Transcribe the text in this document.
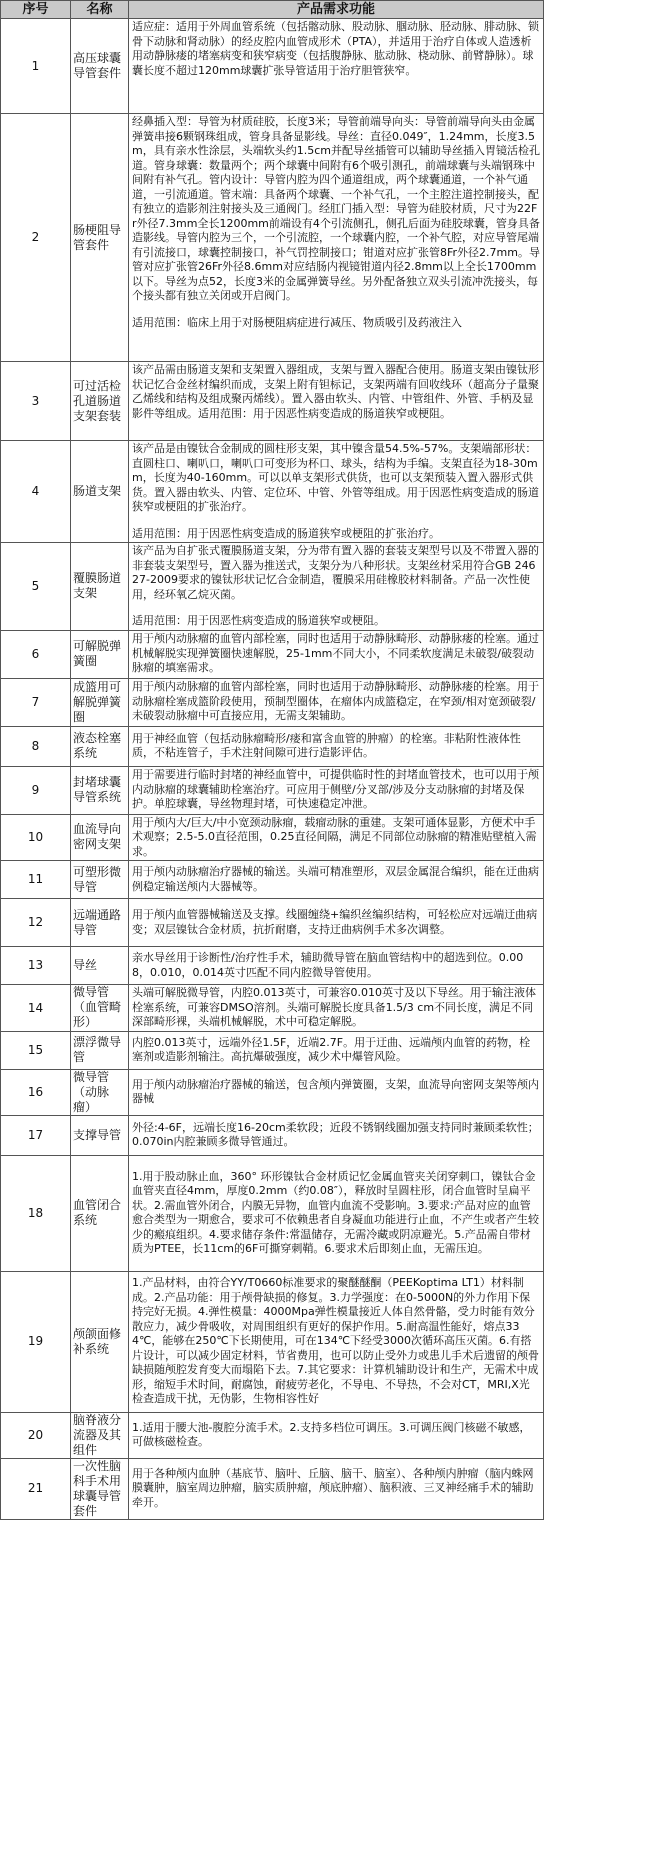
序号	名称	产品需求功能
1	高压球囊导管套件	适应症：适用于外周血管系统（包括髂动脉、股动脉、腘动脉、胫动脉、腓动脉、锁骨下动脉和肾动脉）的经皮腔内血管成形术（PTA），并适用于治疗自体或人造透析用动静脉瘘的堵塞病变和狭窄病变（包括腹静脉、肱动脉、桡动脉、前臂静脉）。球囊长度不超过120mm球囊扩张导管适用于治疗胆管狭窄。

2	肠梗阻导管套件	经鼻插入型：导管为材质硅胶，长度3米；导管前端导向头：导管前端导向头由金属弹簧串接6颗钢珠组成，管身具备显影线。导丝：直径0.049″，1.24mm，长度3.5m，具有亲水性涂层，头端软头约1.5cm并配导丝插管可以辅助导丝插入胃镜活检孔道。管身球囊：数量两个；两个球囊中间附有6个吸引测孔，前端球囊与头端钢珠中间附有补气孔。管内设计：导管内腔为四个通道组成，两个球囊通道，一个补气通道，一引流通道。管末端：具备两个球囊、一个补气孔，一个主腔注道控制接头，配有独立的造影剂注射接头及三通阀门。经肛门插入型：导管为硅胶材质，尺寸为22Fr外径7.3mm全长1200mm前端设有4个引流侧孔，侧孔后面为硅胶球囊，管身具备造影线。导管内腔为三个，一个引流腔，一个球囊内腔，一个补气腔，对应导管尾端有引流接口，球囊控制接口，补气罚控制接口；钳道对应扩张管8Fr外径2.7mm。导管对应扩张管26Fr外径8.6mm对应结肠内视镜钳道内径2.8mm以上全长1700mm以下。导丝为点52，长度3米的金属弹簧导丝。另外配备独立双头引流冲洗接头，每个接头都有独立关闭或开启阀门。
适用范围：临床上用于对肠梗阻病症进行减压、物质吸引及药液注入

3	可过活检孔道肠道支架套装	该产品需由肠道支架和支架置入器组成，支架与置入器配合使用。肠道支架由镍钛形状记忆合金丝材编织而成，支架上附有钽标记，支架两端有回收线环（超高分子量聚乙烯线和结构及组成聚丙烯线）。置入器由软头、内管、中管组件、外管、手柄及显影件等组成。适用范围：用于因恶性病变造成的肠道狭窄或梗阻。

4	肠道支架	该产品是由镍钛合金制成的圆柱形支架，其中镍含量54.5%-57%。支架端部形状：直圆柱口、喇叭口，喇叭口可变形为杯口、球头，结构为手编。支架直径为18-30mm，长度为40-160mm。可以以单支架形式供货，也可以支架预装入置入器形式供货。置入器由软头、内管、定位环、中管、外管等组成。用于因恶性病变造成的肠道狭窄或梗阻的扩张治疗。
适用范围：用于因恶性病变造成的肠道狭窄或梗阻的扩张治疗。

5	覆膜肠道支架	该产品为自扩张式覆膜肠道支架，分为带有置入器的套装支架型号以及不带置入器的非套装支架型号，置入器为推送式，支架分为八种形状。支架丝材采用符合GB 24627-2009要求的镍钛形状记忆合金制造，覆膜采用硅橡胶材料制备。产品一次性使用，经环氧乙烷灭菌。
适用范围：用于因恶性病变造成的肠道狭窄或梗阻。

6	可解脱弹簧圈	用于颅内动脉瘤的血管内部栓塞，同时也适用于动静脉畸形、动静脉瘘的栓塞。通过机械解脱实现弹簧圈快速解脱，25-1mm不同大小，不同柔软度满足未破裂/破裂动脉瘤的填塞需求。

7	成篮用可解脱弹簧圈	用于颅内动脉瘤的血管内部栓塞，同时也适用于动静脉畸形、动静脉瘘的栓塞。用于动脉瘤栓塞成篮阶段使用，预制型圈体，在瘤体内成篮稳定，在窄颈/相对宽颈破裂/未破裂动脉瘤中可直接应用，无需支架辅助。

8	液态栓塞系统	用于神经血管（包括动脉瘤畸形/瘘和富含血管的肿瘤）的栓塞。非粘附性液体性质，不粘连管子，手术注射间隙可进行造影评估。

9	封堵球囊导管系统	用于需要进行临时封堵的神经血管中，可提供临时性的封堵血管技术，也可以用于颅内动脉瘤的球囊辅助栓塞治疗。可应用于侧壁/分叉部/涉及分支动脉瘤的封堵及保护。单腔球囊，导丝物理封堵，可快速稳定冲泄。

10	血流导向密网支架	用于颅内大/巨大/中小宽颈动脉瘤，载瘤动脉的重建。支架可通体显影，方便术中手术观察；2.5-5.0直径范围，0.25直径间隔，满足不同部位动脉瘤的精准贴壁植入需求。

11	可塑形微导管	用于颅内动脉瘤治疗器械的输送。头端可精准塑形，双层金属混合编织，能在迂曲病例稳定输送颅内大器械等。

12	远端通路导管	用于颅内血管器械输送及支撑。线圈缠绕+编织丝编织结构，可轻松应对远端迂曲病变；双层镍钛合金材质，抗折耐磨，支持迂曲病例手术多次调整。

13	导丝	亲水导丝用于诊断性/治疗性手术，辅助微导管在脑血管结构中的超选到位。0.008，0.010，0.014英寸匹配不同内腔微导管使用。

14	微导管（血管畸形）	头端可解脱微导管，内腔0.013英寸，可兼容0.010英寸及以下导丝。用于输注液体栓塞系统，可兼容DMSO溶剂。头端可解脱长度具备1.5/3 cm不同长度，满足不同深部畸形裸，头端机械解脱，术中可稳定解脱。

15	漂浮微导管	内腔0.013英寸，远端外径1.5F，近端2.7F。用于迂曲、远端颅内血管的药物，栓塞剂或造影剂输注。高抗爆破强度，减少术中爆管风险。

16	微导管（动脉瘤）	用于颅内动脉瘤治疗器械的输送，包含颅内弹簧圈，支架，血流导向密网支架等颅内器械

17	支撑导管	外径:4-6F，远端长度16-20cm柔软段；近段不锈钢线圈加强支持同时兼顾柔软性；0.070in内腔兼顾多微导管通过。

18	血管闭合系统	1.用于股动脉止血，360° 环形镍钛合金材质记忆金属血管夹关闭穿刺口，镍钛合金血管夹直径4mm，厚度0.2mm（约0.08″），释放时呈圆柱形，闭合血管时呈扁平状。2.需血管外闭合，内膜无异物，血管内血流不受影响。3.要求:产品对应的血管愈合类型为一期愈合，要求可不依赖患者自身凝血功能进行止血，不产生或者产生较少的瘢痕组织。4.要求储存条件:常温储存，无需冷藏或阴凉避光。5.产品需自带材质为PTEE，长11cm的6F可撕穿刺鞘。6.要求术后即刻止血，无需压迫。

19	颅颌面修补系统	1.产品材料，由符合YY/T0660标准要求的聚醚醚酮（PEEKoptima LT1）材料制成。2.产品功能：用于颅骨缺损的修复。3.力学强度：在0-5000N的外力作用下保持完好无损。4.弹性模量：4000Mpa弹性模量接近人体自然骨骼，受力时能有效分散应力，减少骨吸收，对周围组织有更好的保护作用。5.耐高温性能好，熔点334℃，能够在250℃下长期使用，可在134℃下经受3000次循环高压灭菌。6.有搭片设计，可以减少固定材料，节省费用，也可以防止受外力或患儿手术后遗留的颅骨缺损随颅腔发育变大而塌陷下去。7.其它要求：计算机辅助设计和生产，无需术中成形，缩短手术时间，耐腐蚀，耐疲劳老化，不导电、不导热，不会对CT，MRI,X光检查造成干扰，无伪影，生物相容性好

20	脑脊液分流器及其组件	1.适用于腰大池-腹腔分流手术。2.支持多档位可调压。3.可调压阀门核磁不敏感，可做核磁检查。

21	一次性脑科手术用球囊导管套件	用于各种颅内血肿（基底节、脑叶、丘脑、脑干、脑室）、各种颅内肿瘤（脑内蛛网膜囊肿，脑室周边肿瘤，脑实质肿瘤，颅底肿瘤）、脑积液、三叉神经痛手术的辅助牵开。
